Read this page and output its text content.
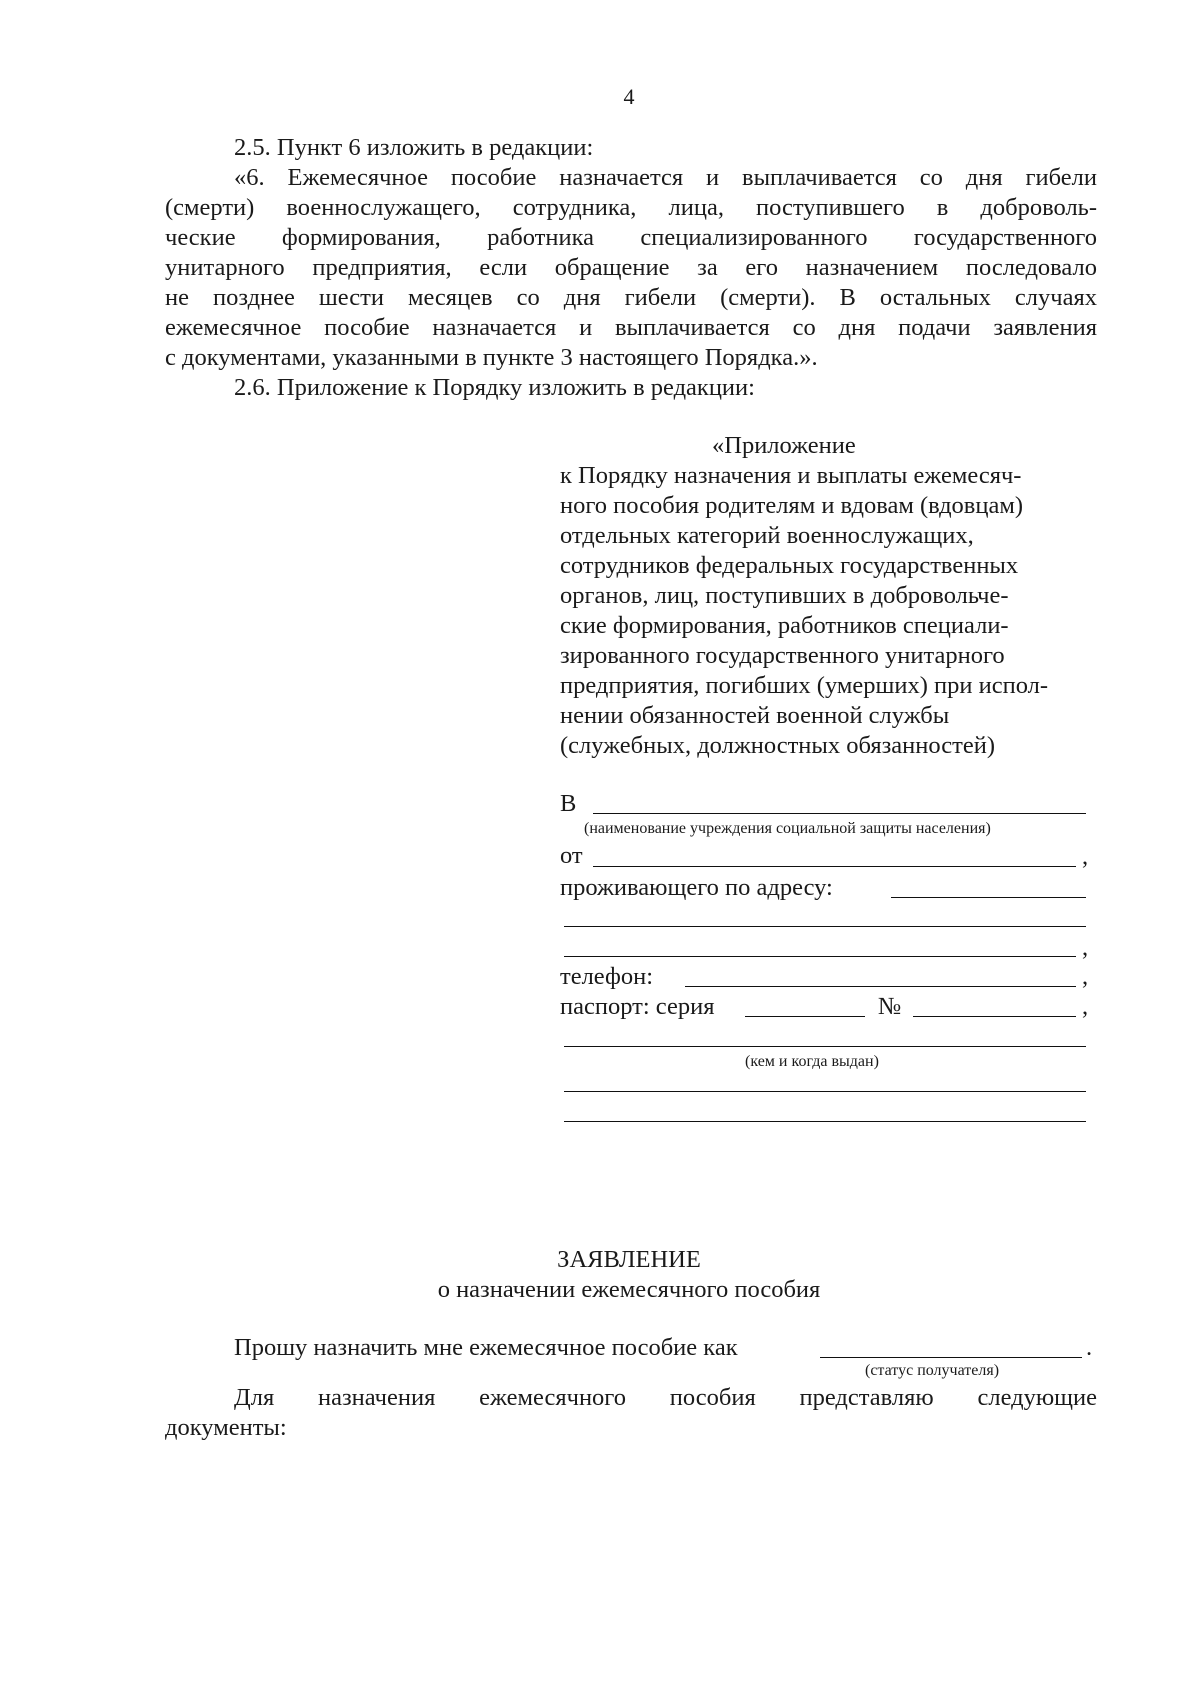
4
2.5. Пункт 6 изложить в редакции:
«6. Ежемесячное пособие назначается и выплачивается со дня гибели
(смерти) военнослужащего, сотрудника, лица, поступившего в доброволь-
ческие формирования, работника специализированного государственного
унитарного предприятия, если обращение за его назначением последовало
не позднее шести месяцев со дня гибели (смерти). В остальных случаях
ежемесячное пособие назначается и выплачивается со дня подачи заявления
с документами, указанными в пункте 3 настоящего Порядка.».
2.6. Приложение к Порядку изложить в редакции:
«Приложение
к Порядку назначения и выплаты ежемесяч-
ного пособия родителям и вдовам (вдовцам)
отдельных категорий военнослужащих,
сотрудников федеральных государственных
органов, лиц, поступивших в добровольче-
ские формирования, работников специали-
зированного государственного унитарного
предприятия, погибших (умерших) при испол-
нении обязанностей военной службы
(служебных, должностных обязанностей)
В
(наименование учреждения социальной защиты населения)
от	,
проживающего по адресу:
,
телефон:	,
паспорт: серия	№	,
(кем и когда выдан)
ЗАЯВЛЕНИЕ
о назначении ежемесячного пособия
Прошу назначить мне ежемесячное пособие как	.
(статус получателя)
Для назначения ежемесячного пособия представляю следующие
документы:
